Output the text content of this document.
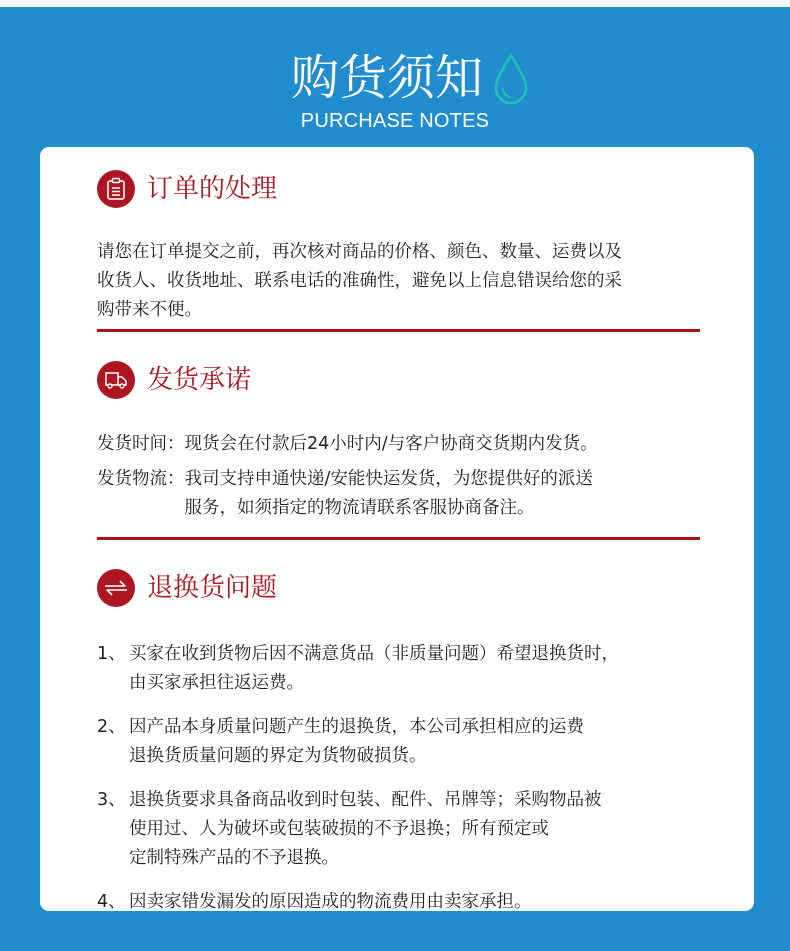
购货须知
PURCHASE NOTES
订单的处理
请您在订单提交之前，再次核对商品的价格、颜色、数量、运费以及
收货人、收货地址、联系电话的准确性，避免以上信息错误给您的采
购带来不便。
发货承诺
发货时间： 现货会在付款后24小时内/与客户协商交货期内发货。
发货物流： 我司支持申通快递/安能快运发货，为您提供好的派送
服务，如须指定的物流请联系客服协商备注。
退换货问题
1、 买家在收到货物后因不满意货品（非质量问题）希望退换货时，
由买家承担往返运费。
2、 因产品本身质量问题产生的退换货，本公司承担相应的运费
退换货质量问题的界定为货物破损货。
3、 退换货要求具备商品收到时包装、配件、吊牌等；采购物品被
使用过、人为破坏或包装破损的不予退换；所有预定或
定制特殊产品的不予退换。
4、 因卖家错发漏发的原因造成的物流费用由卖家承担。
